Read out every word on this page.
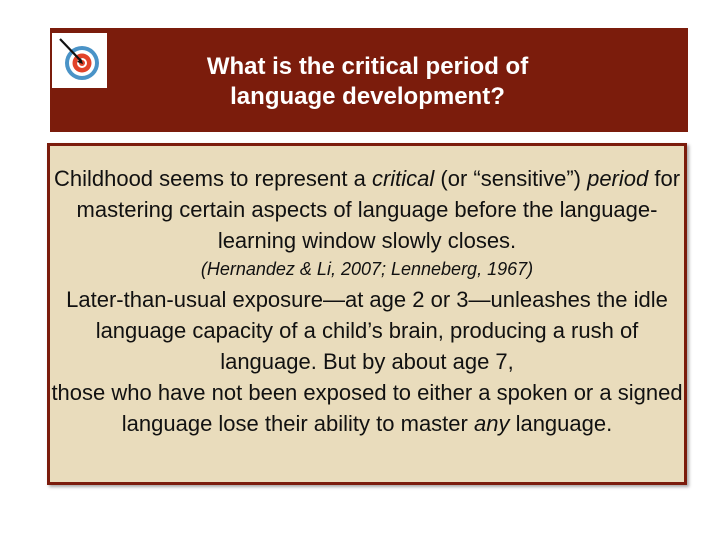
What is the critical period of
language development?

Childhood seems to represent a critical (or “sensitive”) period for mastering certain aspects of language before the language-learning window slowly closes.

(Hernandez & Li, 2007; Lenneberg, 1967)

Later-than-usual exposure—at age 2 or 3—unleashes the idle language capacity of a child’s brain, producing a rush of language. But by about age 7,

those who have not been exposed to either a spoken or a signed language lose their ability to master any language.
